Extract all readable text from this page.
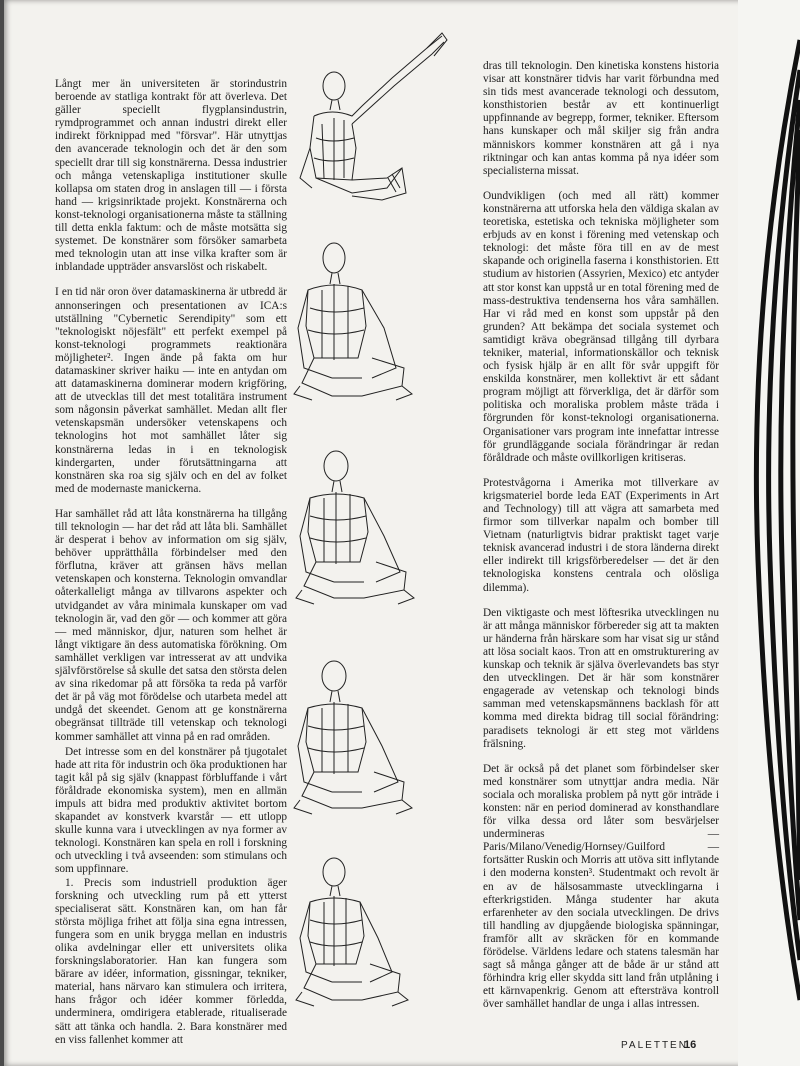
Långt mer än universiteten är storindustrin beroende av statliga kontrakt för att överleva. Det gäller speciellt flygplansindustrin, rymdprogrammet och annan industri direkt eller indirekt förknippad med "försvar". Här utnyttjas den avancerade teknologin och det är den som speciellt drar till sig konstnärerna. Dessa industrier och många vetenskapliga institutioner skulle kollapsa om staten drog in anslagen till — i första hand — krigsinriktade projekt. Konstnärerna och konst-teknologi organisationerna måste ta ställning till detta enkla faktum: och de måste motsätta sig systemet. De konstnärer som försöker samarbeta med teknologin utan att inse vilka krafter som är inblandade uppträder ansvarslöst och riskabelt.

I en tid när oron över datamaskinerna är utbredd är annonseringen och presentationen av ICA:s utställning "Cybernetic Serendipity" som ett "teknologiskt nöjesfält" ett perfekt exempel på konst-teknologi programmets reaktionära möjligheter². Ingen ände på fakta om hur datamaskiner skriver haiku — inte en antydan om att datamaskinerna dominerar modern krigföring, att de utvecklas till det mest totalitära instrument som någonsin påverkat samhället. Medan allt fler vetenskapsmän undersöker vetenskapens och teknologins hot mot samhället låter sig konstnärerna ledas in i en teknologisk kindergarten, under förutsättningarna att konstnären ska roa sig själv och en del av folket med de modernaste manickerna.

Har samhället råd att låta konstnärerna ha tillgång till teknologin — har det råd att låta bli. Samhället är desperat i behov av information om sig själv, behöver upprätthålla förbindelser med den förflutna, kräver att gränsen hävs mellan vetenskapen och konsterna. Teknologin omvandlar oåterkalleligt många av tillvarons aspekter och utvidgandet av våra minimala kunskaper om vad teknologin är, vad den gör — och kommer att göra — med människor, djur, naturen som helhet är långt viktigare än dess automatiska förökning. Om samhället verkligen var intresserat av att undvika självförstörelse så skulle det satsa den största delen av sina rikedomar på att försöka ta reda på varför det är på väg mot förödelse och utarbeta medel att undgå det skeendet. Genom att ge konstnärerna obegränsat tillträde till vetenskap och teknologi kommer samhället att vinna på en rad områden.

Det intresse som en del konstnärer på tjugotalet hade att rita för industrin och öka produktionen har tagit kål på sig själv (knappast förbluffande i vårt föråldrade ekonomiska system), men en allmän impuls att bidra med produktiv aktivitet bortom skapandet av konstverk kvarstår — ett utlopp skulle kunna vara i utvecklingen av nya former av teknologi. Konstnären kan spela en roll i forskning och utveckling i två avseenden: som stimulans och som uppfinnare.

1. Precis som industriell produktion äger forskning och utveckling rum på ett ytterst specialiserat sätt. Konstnären kan, om han får största möjliga frihet att följa sina egna intressen, fungera som en unik brygga mellan en industris olika avdelningar eller ett universitets olika forskningslaboratorier. Han kan fungera som bärare av idéer, information, gissningar, tekniker, material, hans närvaro kan stimulera och irritera, hans frågor och idéer kommer förledda, underminera, omdirigera etablerade, ritualiserade sätt att tänka och handla. 2. Bara konstnärer med en viss fallenhet kommer att

dras till teknologin. Den kinetiska konstens historia visar att konstnärer tidvis har varit förbundna med sin tids mest avancerade teknologi och dessutom, konsthistorien består av ett kontinuerligt uppfinnande av begrepp, former, tekniker. Eftersom hans kunskaper och mål skiljer sig från andra människors kommer konstnären att gå i nya riktningar och kan antas komma på nya idéer som specialisterna missat.

Oundvikligen (och med all rätt) kommer konstnärerna att utforska hela den väldiga skalan av teoretiska, estetiska och tekniska möjligheter som erbjuds av en konst i förening med vetenskap och teknologi: det måste föra till en av de mest skapande och originella faserna i konsthistorien. Ett studium av historien (Assyrien, Mexico) etc antyder att stor konst kan uppstå ur en total förening med de mass-destruktiva tendenserna hos våra samhällen. Har vi råd med en konst som uppstår på den grunden? Att bekämpa det sociala systemet och samtidigt kräva obegränsad tillgång till dyrbara tekniker, material, informationskällor och teknisk och fysisk hjälp är en allt för svår uppgift för enskilda konstnärer, men kollektivt är ett sådant program möjligt att förverkliga, det är därför som politiska och moraliska problem måste träda i förgrunden för konst-teknologi organisationerna. Organisationer vars program inte innefattar intresse för grundläggande sociala förändringar är redan föråldrade och måste ovillkorligen kritiseras.

Protestvågorna i Amerika mot tillverkare av krigsmateriel borde leda EAT (Experiments in Art and Technology) till att vägra att samarbeta med firmor som tillverkar napalm och bomber till Vietnam (naturligtvis bidrar praktiskt taget varje teknisk avancerad industri i de stora länderna direkt eller indirekt till krigsförberedelser — det är den teknologiska konstens centrala och olösliga dilemma).

Den viktigaste och mest löftesrika utvecklingen nu är att många människor förbereder sig att ta makten ur händerna från härskare som har visat sig ur stånd att lösa socialt kaos. Tron att en omstrukturering av kunskap och teknik är själva överlevandets bas styr den utvecklingen. Det är här som konstnärer engagerade av vetenskap och teknologi binds samman med vetenskapsmännens backlash för att komma med direkta bidrag till social förändring: paradisets teknologi är ett steg mot världens frälsning.

Det är också på det planet som förbindelser sker med konstnärer som utnyttjar andra media. När sociala och moraliska problem på nytt gör inträde i konsten: när en period dominerad av konsthandlare för vilka dessa ord låter som besvärjelser undermineras — Paris/Milano/Venedig/Hornsey/Guilford — fortsätter Ruskin och Morris att utöva sitt inflytande i den moderna konsten³. Studentmakt och revolt är en av de hälsosammaste utvecklingarna i efterkrigstiden. Många studenter har akuta erfarenheter av den sociala utvecklingen. De drivs till handling av djupgående biologiska spänningar, framför allt av skräcken för en kommande förödelse. Världens ledare och statens talesmän har sagt så många gånger att de både är ur stånd att förhindra krig eller skydda sitt land från utplåning i ett kärnvapenkrig. Genom att eftersträva kontroll över samhället handlar de unga i allas intressen.

PALETTEN
16
